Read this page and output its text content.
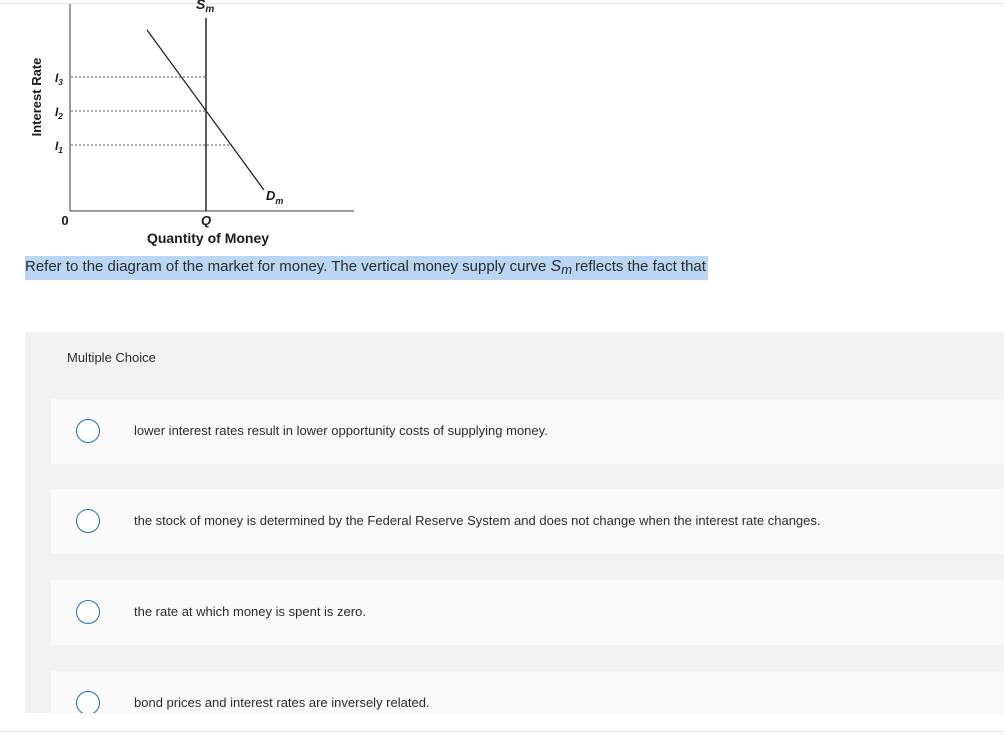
$S_m$
$D_m$
$I_3$
$I_2$
$I_1$
Interest Rate
0	Q
Quantity of Money
Refer to the diagram of the market for money. The vertical money supply curve Sm reflects the fact that
Multiple Choice
lower interest rates result in lower opportunity costs of supplying money.
the stock of money is determined by the Federal Reserve System and does not change when the interest rate changes.
the rate at which money is spent is zero.
bond prices and interest rates are inversely related.
